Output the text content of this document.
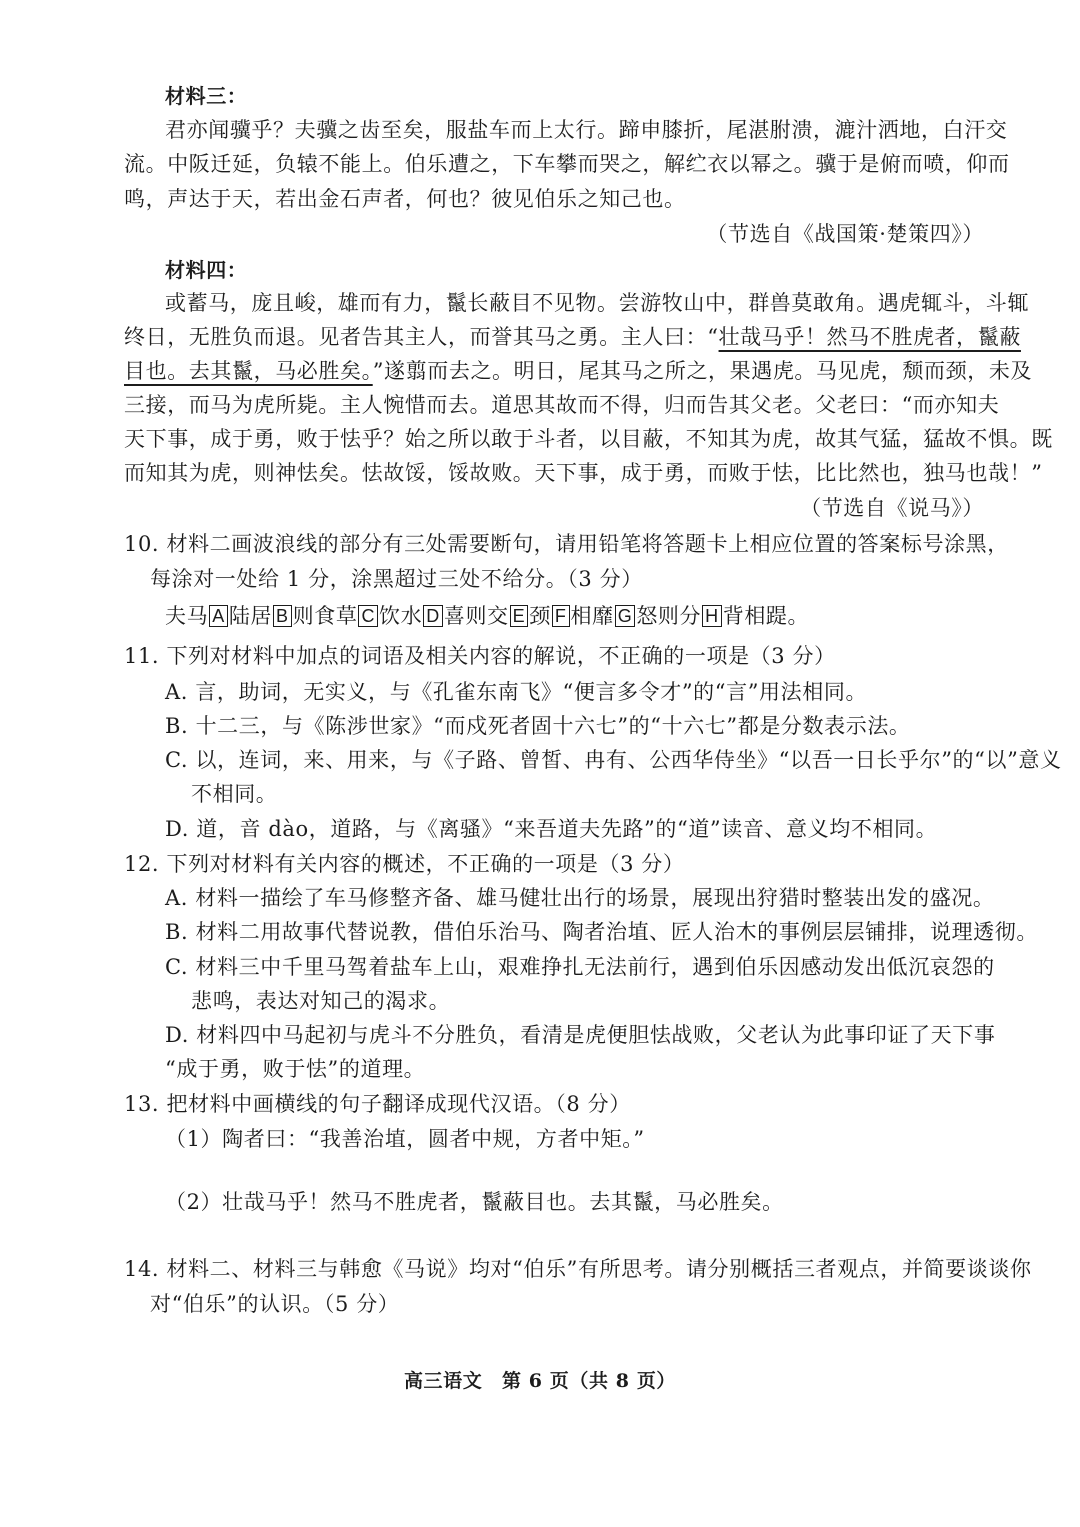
材料三：
君亦闻骥乎？夫骥之齿至矣，服盐车而上太行。蹄申膝折，尾湛胕溃，漉汁洒地，白汗交
流。中阪迁延，负辕不能上。伯乐遭之，下车攀而哭之，解纻衣以幂之。骥于是俯而喷，仰而
鸣，声达于天，若出金石声者，何也？彼见伯乐之知己也。
（节选自《战国策·楚策四》）
材料四：
或蓄马，庞且峻，雄而有力，鬣长蔽目不见物。尝游牧山中，群兽莫敢角。遇虎辄斗，斗辄
终日，无胜负而退。见者告其主人，而誉其马之勇。主人曰：“壮哉马乎！然马不胜虎者，鬣蔽
目也。去其鬣，马必胜矣。”遂翦而去之。明日，尾其马之所之，果遇虎。马见虎，颓而颈，未及
三接，而马为虎所毙。主人惋惜而去。道思其故而不得，归而告其父老。父老曰：“而亦知夫
天下事，成于勇，败于怯乎？始之所以敢于斗者，以目蔽，不知其为虎，故其气猛，猛故不惧。既
而知其为虎，则神怯矣。怯故馁，馁故败。天下事，成于勇，而败于怯，比比然也，独马也哉！”
（节选自《说马》）
10. 材料二画波浪线的部分有三处需要断句，请用铅笔将答题卡上相应位置的答案标号涂黑，
每涂对一处给 1 分，涂黑超过三处不给分。（3 分）
夫马 A 陆居 B 则食草 C 饮水 D 喜则交 E 颈 F 相靡 G 怒则分 H 背相踶。
11. 下列对材料中加点的词语及相关内容的解说，不正确的一项是（3 分）
A. 言，助词，无实义，与《孔雀东南飞》“便言多令才”的“言”用法相同。
B. 十二三，与《陈涉世家》“而戍死者固十六七”的“十六七”都是分数表示法。
C. 以，连词，来、用来，与《子路、曾皙、冉有、公西华侍坐》“以吾一日长乎尔”的“以”意义
不相同。
D. 道，音 dào，道路，与《离骚》“来吾道夫先路”的“道”读音、意义均不相同。
12. 下列对材料有关内容的概述，不正确的一项是（3 分）
A. 材料一描绘了车马修整齐备、雄马健壮出行的场景，展现出狩猎时整装出发的盛况。
B. 材料二用故事代替说教，借伯乐治马、陶者治埴、匠人治木的事例层层铺排，说理透彻。
C. 材料三中千里马驾着盐车上山，艰难挣扎无法前行，遇到伯乐因感动发出低沉哀怨的
悲鸣，表达对知己的渴求。
D. 材料四中马起初与虎斗不分胜负，看清是虎便胆怯战败，父老认为此事印证了天下事
“成于勇，败于怯”的道理。
13. 把材料中画横线的句子翻译成现代汉语。（8 分）
（1）陶者曰：“我善治埴，圆者中规，方者中矩。”
（2）壮哉马乎！然马不胜虎者，鬣蔽目也。去其鬣，马必胜矣。
14. 材料二、材料三与韩愈《马说》均对“伯乐”有所思考。请分别概括三者观点，并简要谈谈你
对“伯乐”的认识。（5 分）
高三语文　第 6 页（共 8 页）
